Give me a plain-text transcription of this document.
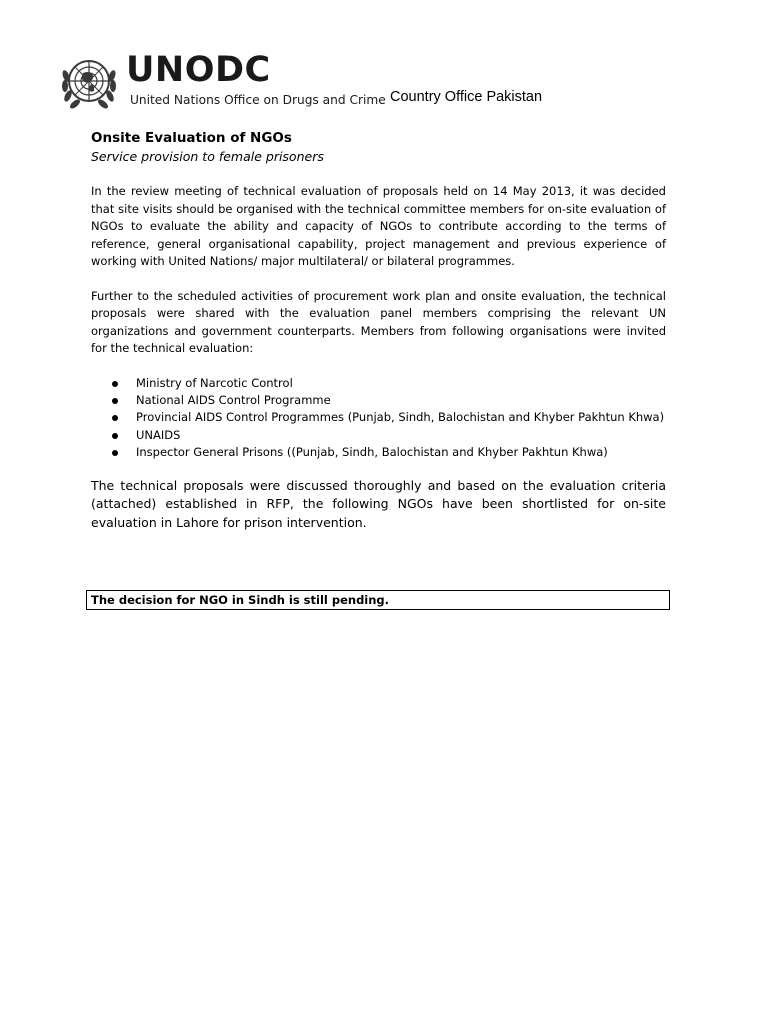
UNODC
United Nations Office on Drugs and Crime Country Office Pakistan

Onsite Evaluation of NGOs

Service provision to female prisoners

In the review meeting of technical evaluation of proposals held on 14 May 2013, it was decided that site visits should be organised with the technical committee members for on-site evaluation of NGOs to evaluate the ability and capacity of NGOs to contribute according to the terms of reference, general organisational capability, project management and previous experience of working with United Nations/ major multilateral/ or bilateral programmes.

Further to the scheduled activities of procurement work plan and onsite evaluation, the technical proposals were shared with the evaluation panel members comprising the relevant UN organizations and government counterparts. Members from following organisations were invited for the technical evaluation:

Ministry of Narcotic Control
National AIDS Control Programme
Provincial AIDS Control Programmes (Punjab, Sindh, Balochistan and Khyber Pakhtun Khwa)
UNAIDS
Inspector General Prisons ((Punjab, Sindh, Balochistan and Khyber Pakhtun Khwa)

The technical proposals were discussed thoroughly and based on the evaluation criteria (attached) established in RFP, the following NGOs have been shortlisted for on-site evaluation in Lahore for prison intervention.

The decision for NGO in Sindh is still pending.
